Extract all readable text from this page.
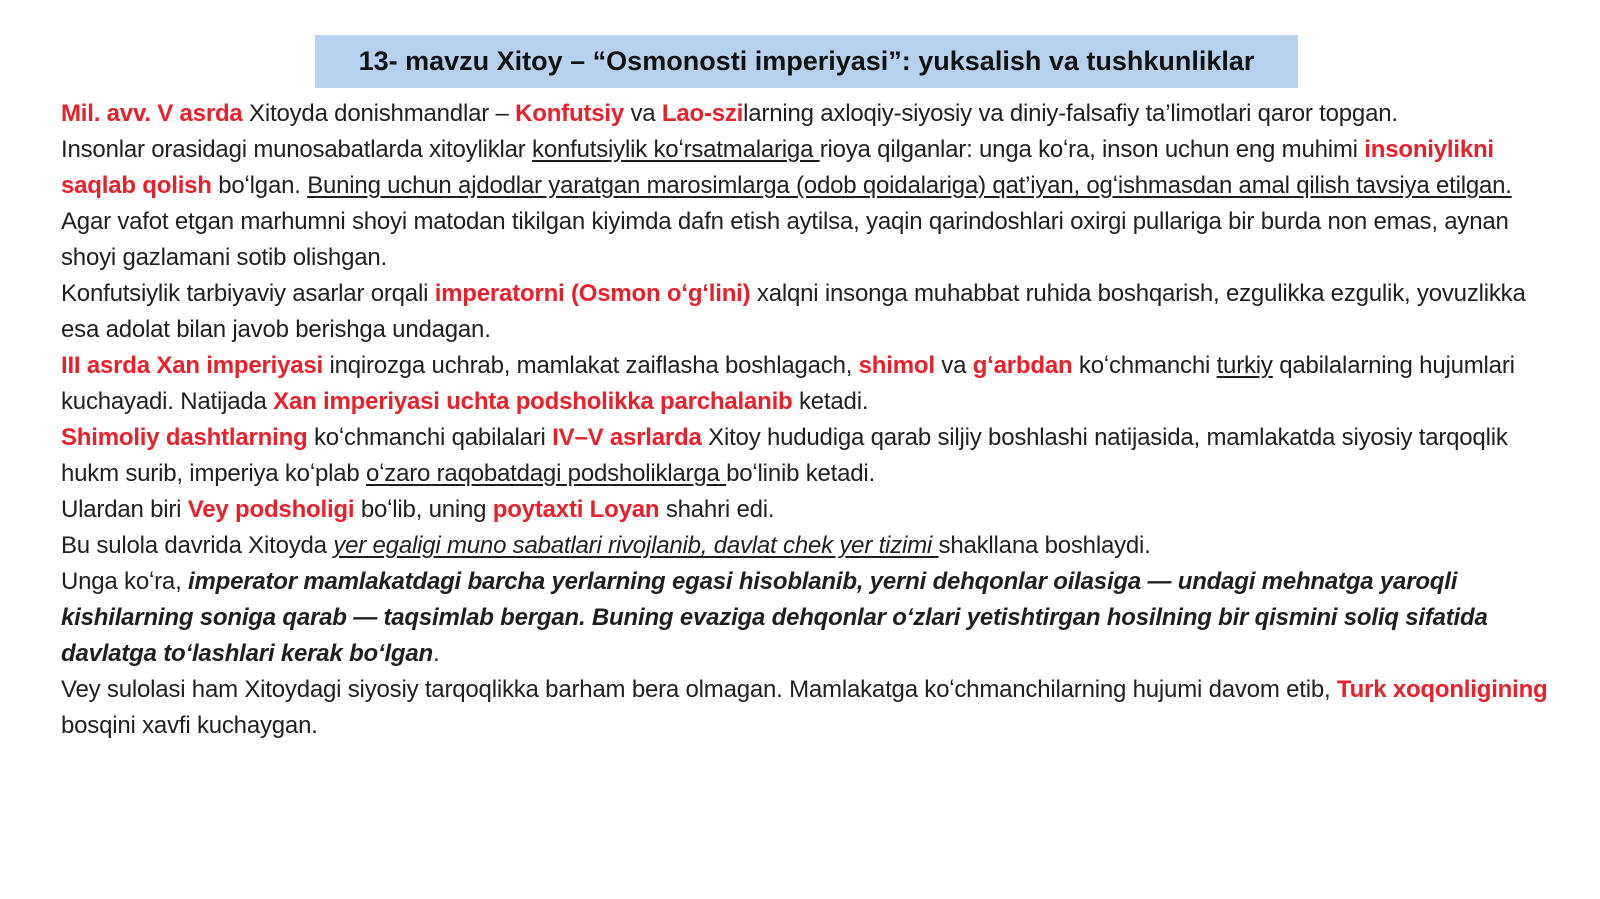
13- mavzu Xitoy – “Osmonosti imperiyasi”: yuksalish va tushkunliklar

Mil. avv. V asrda Xitoyda donishmandlar – Konfutsiy va Lao-szilarning axloqiy-siyosiy va diniy-falsafiy ta’limotlari qaror topgan.

Insonlar orasidagi munosabatlarda xitoyliklar konfutsiylik koʻrsatmalariga rioya qilganlar: unga koʻra, inson uchun eng muhimi insoniylikni saqlab qolish boʻlgan. Buning uchun ajdodlar yaratgan marosimlarga (odob qoidalariga) qat’iyan, ogʻishmasdan amal qilish tavsiya etilgan. Agar vafot etgan marhumni shoyi matodan tikilgan kiyimda dafn etish aytilsa, yaqin qarindoshlari oxirgi pullariga bir burda non emas, aynan shoyi gazlamani sotib olishgan.

Konfutsiylik tarbiyaviy asarlar orqali imperatorni (Osmon oʻgʻlini) xalqni insonga muhabbat ruhida boshqarish, ezgulikka ezgulik, yovuzlikka esa adolat bilan javob berishga undagan.

III asrda Xan imperiyasi inqirozga uchrab, mamlakat zaiflasha boshlagach, shimol va gʻarbdan koʻchmanchi turkiy qabilalarning hujumlari kuchayadi. Natijada Xan imperiyasi uchta podsholikka parchalanib ketadi.

Shimoliy dashtlarning koʻchmanchi qabilalari IV–V asrlarda Xitoy hududiga qarab siljiy boshlashi natijasida, mamlakatda siyosiy tarqoqlik hukm surib, imperiya koʻplab oʻzaro raqobatdagi podsholiklarga boʻlinib ketadi.

Ulardan biri Vey podsholigi boʻlib, uning poytaxti Loyan shahri edi.

Bu sulola davrida Xitoyda yer egaligi muno sabatlari rivojlanib, davlat chek yer tizimi shakllana boshlaydi.

Unga koʻra, imperator mamlakatdagi barcha yerlarning egasi hisoblanib, yerni dehqonlar oilasiga — undagi mehnatga yaroqli kishilarning soniga qarab — taqsimlab bergan. Buning evaziga dehqonlar oʻzlari yetishtirgan hosilning bir qismini soliq sifatida davlatga toʻlashlari kerak boʻlgan.

Vey sulolasi ham Xitoydagi siyosiy tarqoqlikka barham bera olmagan. Mamlakatga koʻchmanchilarning hujumi davom etib, Turk xoqonligining bosqini xavfi kuchaygan.
